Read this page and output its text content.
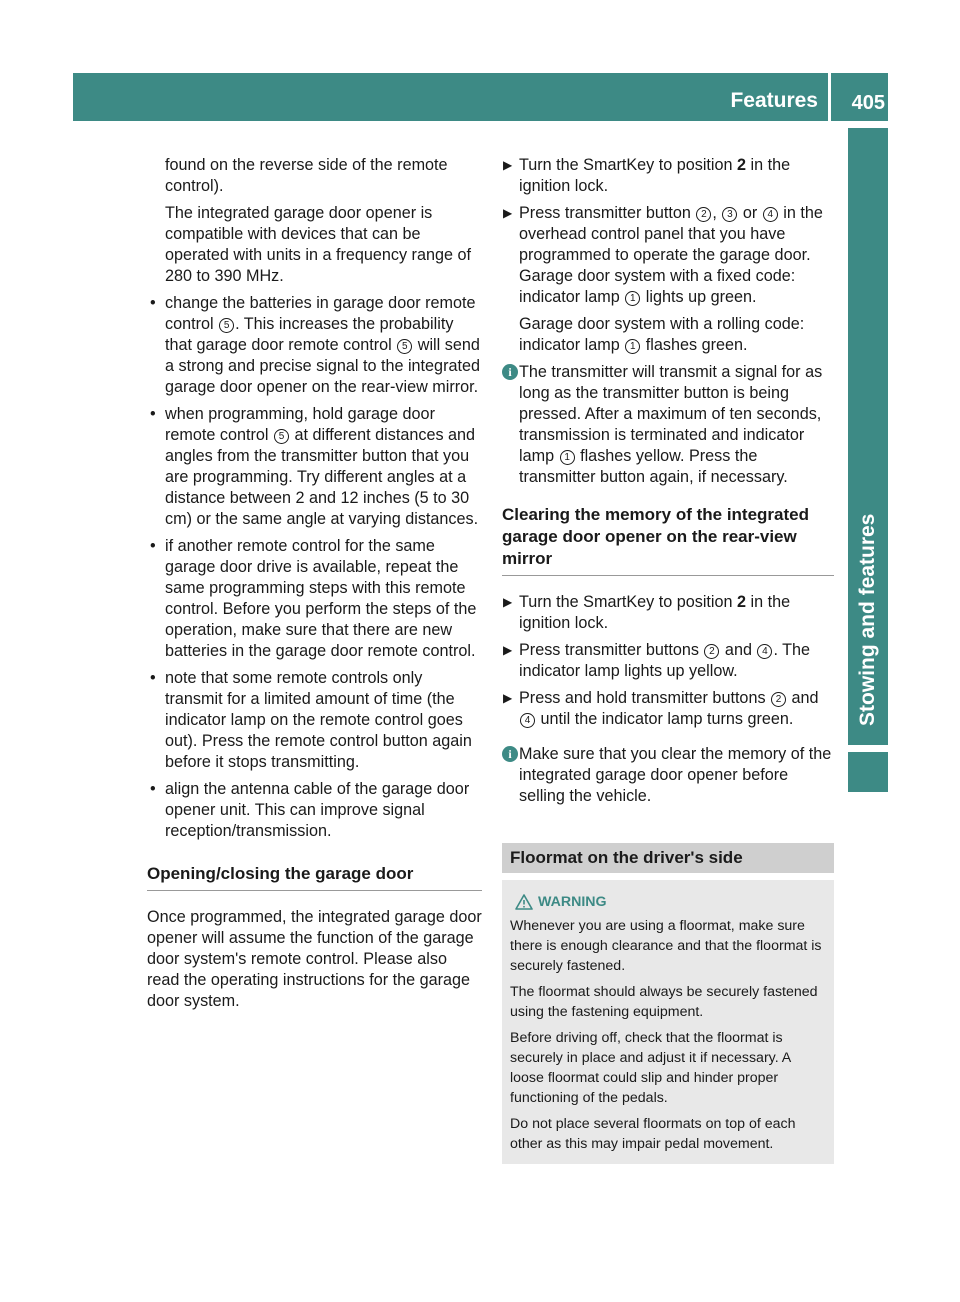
Features 405
Stowing and features

found on the reverse side of the remote control).

The integrated garage door opener is compatible with devices that can be operated with units in a frequency range of 280 to 390 MHz.

• change the batteries in garage door remote control 5 . This increases the probability that garage door remote control 5 will send a strong and precise signal to the integrated garage door opener on the rear-view mirror.
• when programming, hold garage door remote control 5 at different distances and angles from the transmitter button that you are programming. Try different angles at a distance between 2 and 12 inches (5 to 30 cm) or the same angle at varying distances.
• if another remote control for the same garage door drive is available, repeat the same programming steps with this remote control. Before you perform the steps of the operation, make sure that there are new batteries in the garage door remote control.
• note that some remote controls only transmit for a limited amount of time (the indicator lamp on the remote control goes out). Press the remote control button again before it stops transmitting.
• align the antenna cable of the garage door opener unit. This can improve signal reception/transmission.
Opening/closing the garage door

Once programmed, the integrated garage door opener will assume the function of the garage door system's remote control. Please also read the operating instructions for the garage door system.

▶ Turn the SmartKey to position 2 in the ignition lock.
▶ Press transmitter button 2 , 3 or 4 in the overhead control panel that you have programmed to operate the garage door. Garage door system with a fixed code: indicator lamp 1 lights up green.

Garage door system with a rolling code: indicator lamp 1 flashes green.

i The transmitter will transmit a signal for as long as the transmitter button is being pressed. After a maximum of ten seconds, transmission is terminated and indicator lamp 1 flashes yellow. Press the transmitter button again, if necessary.
Clearing the memory of the integrated garage door opener on the rear-view mirror
▶ Turn the SmartKey to position 2 in the ignition lock.
▶ Press transmitter buttons 2 and 4 . The indicator lamp lights up yellow.
▶ Press and hold transmitter buttons 2 and 4 until the indicator lamp turns green.
i Make sure that you clear the memory of the integrated garage door opener before selling the vehicle.
Floormat on the driver's side
WARNING

Whenever you are using a floormat, make sure there is enough clearance and that the floormat is securely fastened.

The floormat should always be securely fastened using the fastening equipment.

Before driving off, check that the floormat is securely in place and adjust it if necessary. A loose floormat could slip and hinder proper functioning of the pedals.

Do not place several floormats on top of each other as this may impair pedal movement.
